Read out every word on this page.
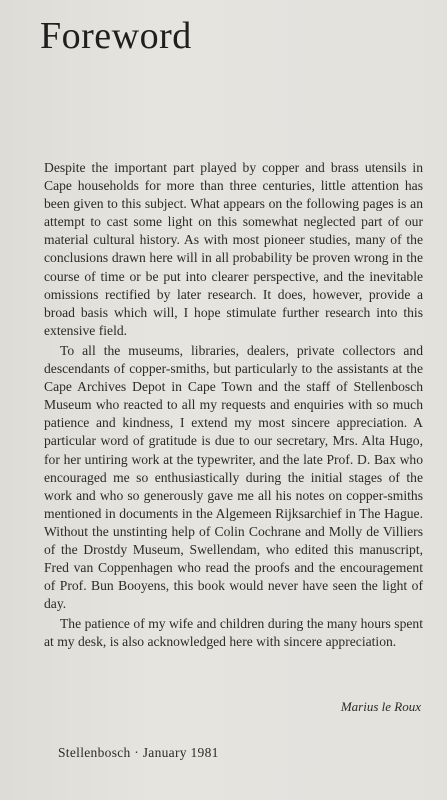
Foreword

Despite the important part played by copper and brass utensils in Cape households for more than three centuries, little attention has been given to this subject. What appears on the following pages is an attempt to cast some light on this somewhat neglected part of our material cultural history. As with most pioneer studies, many of the conclusions drawn here will in all probability be proven wrong in the course of time or be put into clearer perspective, and the inevitable omissions rectified by later research. It does, however, provide a broad basis which will, I hope stimulate further research into this extensive field.

To all the museums, libraries, dealers, private collectors and descendants of copper-smiths, but particularly to the assistants at the Cape Archives Depot in Cape Town and the staff of Stellenbosch Museum who reacted to all my requests and enquiries with so much patience and kindness, I extend my most sincere appreciation. A particular word of gratitude is due to our secretary, Mrs. Alta Hugo, for her untiring work at the typewriter, and the late Prof. D. Bax who encouraged me so enthusiastically during the initial stages of the work and who so generously gave me all his notes on copper-smiths mentioned in documents in the Algemeen Rijksarchief in The Hague. Without the unstinting help of Colin Cochrane and Molly de Villiers of the Drostdy Museum, Swellendam, who edited this manuscript, Fred van Coppenhagen who read the proofs and the encouragement of Prof. Bun Booyens, this book would never have seen the light of day.

The patience of my wife and children during the many hours spent at my desk, is also acknowledged here with sincere appreciation.

Marius le Roux
Stellenbosch · January 1981
